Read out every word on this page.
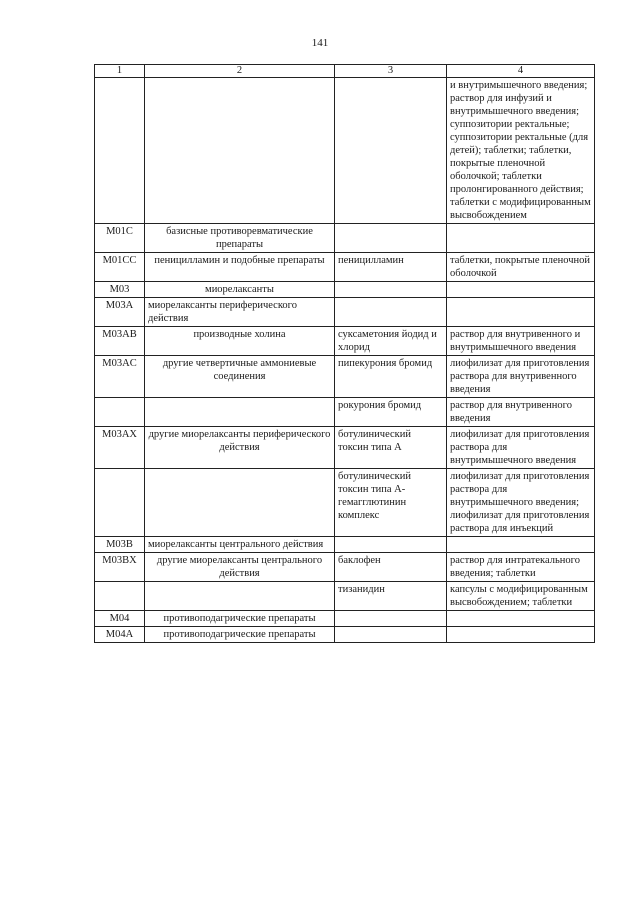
141
1	2	3	4
			и внутримышечного введения; раствор для инфузий и внутримышечного введения; суппозитории ректальные; суппозитории ректальные (для детей); таблетки; таблетки, покрытые пленочной оболочкой; таблетки пролонгированного действия; таблетки с модифицированным высвобождением
M01C	базисные противоревматические препараты		
M01CC	пеницилламин и подобные препараты	пеницилламин	таблетки, покрытые пленочной оболочкой
M03	миорелаксанты		
M03A	миорелаксанты периферического действия		
M03AB	производные холина	суксаметония йодид и хлорид	раствор для внутривенного и внутримышечного введения
M03AC	другие четвертичные аммониевые соединения	пипекурония бромид	лиофилизат для приготовления раствора для внутривенного введения
		рокурония бромид	раствор для внутривенного введения
M03AX	другие миорелаксанты периферического действия	ботулинический токсин типа А	лиофилизат для приготовления раствора для внутримышечного введения
		ботулинический токсин типа А-гемагглютинин комплекс	лиофилизат для приготовления раствора для внутримышечного введения; лиофилизат для приготовления раствора для инъекций
M03B	миорелаксанты центрального действия		
M03BX	другие миорелаксанты центрального действия	баклофен	раствор для интратекального введения; таблетки
		тизанидин	капсулы с модифицированным высвобождением; таблетки
M04	противоподагрические препараты		
M04A	противоподагрические препараты		
